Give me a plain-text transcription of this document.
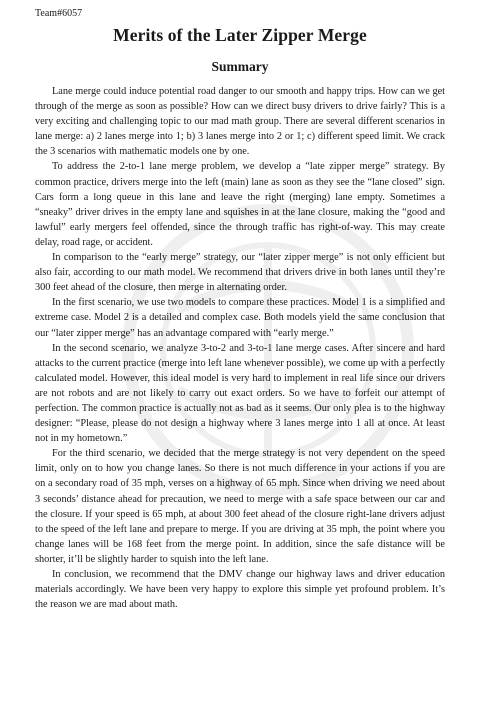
Team#6057
Merits of the Later Zipper Merge
Summary

Lane merge could induce potential road danger to our smooth and happy trips. How can we get through of the merge as soon as possible? How can we direct busy drivers to drive fairly? This is a very exciting and challenging topic to our mad math group. There are several different scenarios in lane merge: a) 2 lanes merge into 1; b) 3 lanes merge into 2 or 1; c) different speed limit. We crack the 3 scenarios with mathematic models one by one.

To address the 2-to-1 lane merge problem, we develop a “late zipper merge” strategy. By common practice, drivers merge into the left (main) lane as soon as they see the “lane closed” sign. Cars form a long queue in this lane and leave the right (merging) lane empty. Sometimes a “sneaky” driver drives in the empty lane and squishes in at the lane closure, making the “good and lawful” early mergers feel offended, since the through traffic has right-of-way. This may create delay, road rage, or accident.

In comparison to the “early merge” strategy, our “later zipper merge” is not only efficient but also fair, according to our math model. We recommend that drivers drive in both lanes until they’re 300 feet ahead of the closure, then merge in alternating order.

In the first scenario, we use two models to compare these practices. Model 1 is a simplified and extreme case. Model 2 is a detailed and complex case. Both models yield the same conclusion that our “later zipper merge” has an advantage compared with “early merge.”

In the second scenario, we analyze 3-to-2 and 3-to-1 lane merge cases. After sincere and hard attacks to the current practice (merge into left lane whenever possible), we come up with a perfectly calculated model. However, this ideal model is very hard to implement in real life since our drivers are not robots and are not likely to carry out exact orders. So we have to forfeit our attempt of perfection. The common practice is actually not as bad as it seems. Our only plea is to the highway designer: “Please, please do not design a highway where 3 lanes merge into 1 all at once. At least not in my hometown.”

For the third scenario, we decided that the merge strategy is not very dependent on the speed limit, only on to how you change lanes. So there is not much difference in your actions if you are on a secondary road of 35 mph, verses on a highway of 65 mph. Since when driving we need about 3 seconds’ distance ahead for precaution, we need to merge with a safe space between our car and the closure. If your speed is 65 mph, at about 300 feet ahead of the closure right-lane drivers adjust to the speed of the left lane and prepare to merge. If you are driving at 35 mph, the point where you change lanes will be 168 feet from the merge point. In addition, since the safe distance will be shorter, it’ll be slightly harder to squish into the left lane.

In conclusion, we recommend that the DMV change our highway laws and driver education materials accordingly. We have been very happy to explore this simple yet profound problem. It’s the reason we are mad about math.
